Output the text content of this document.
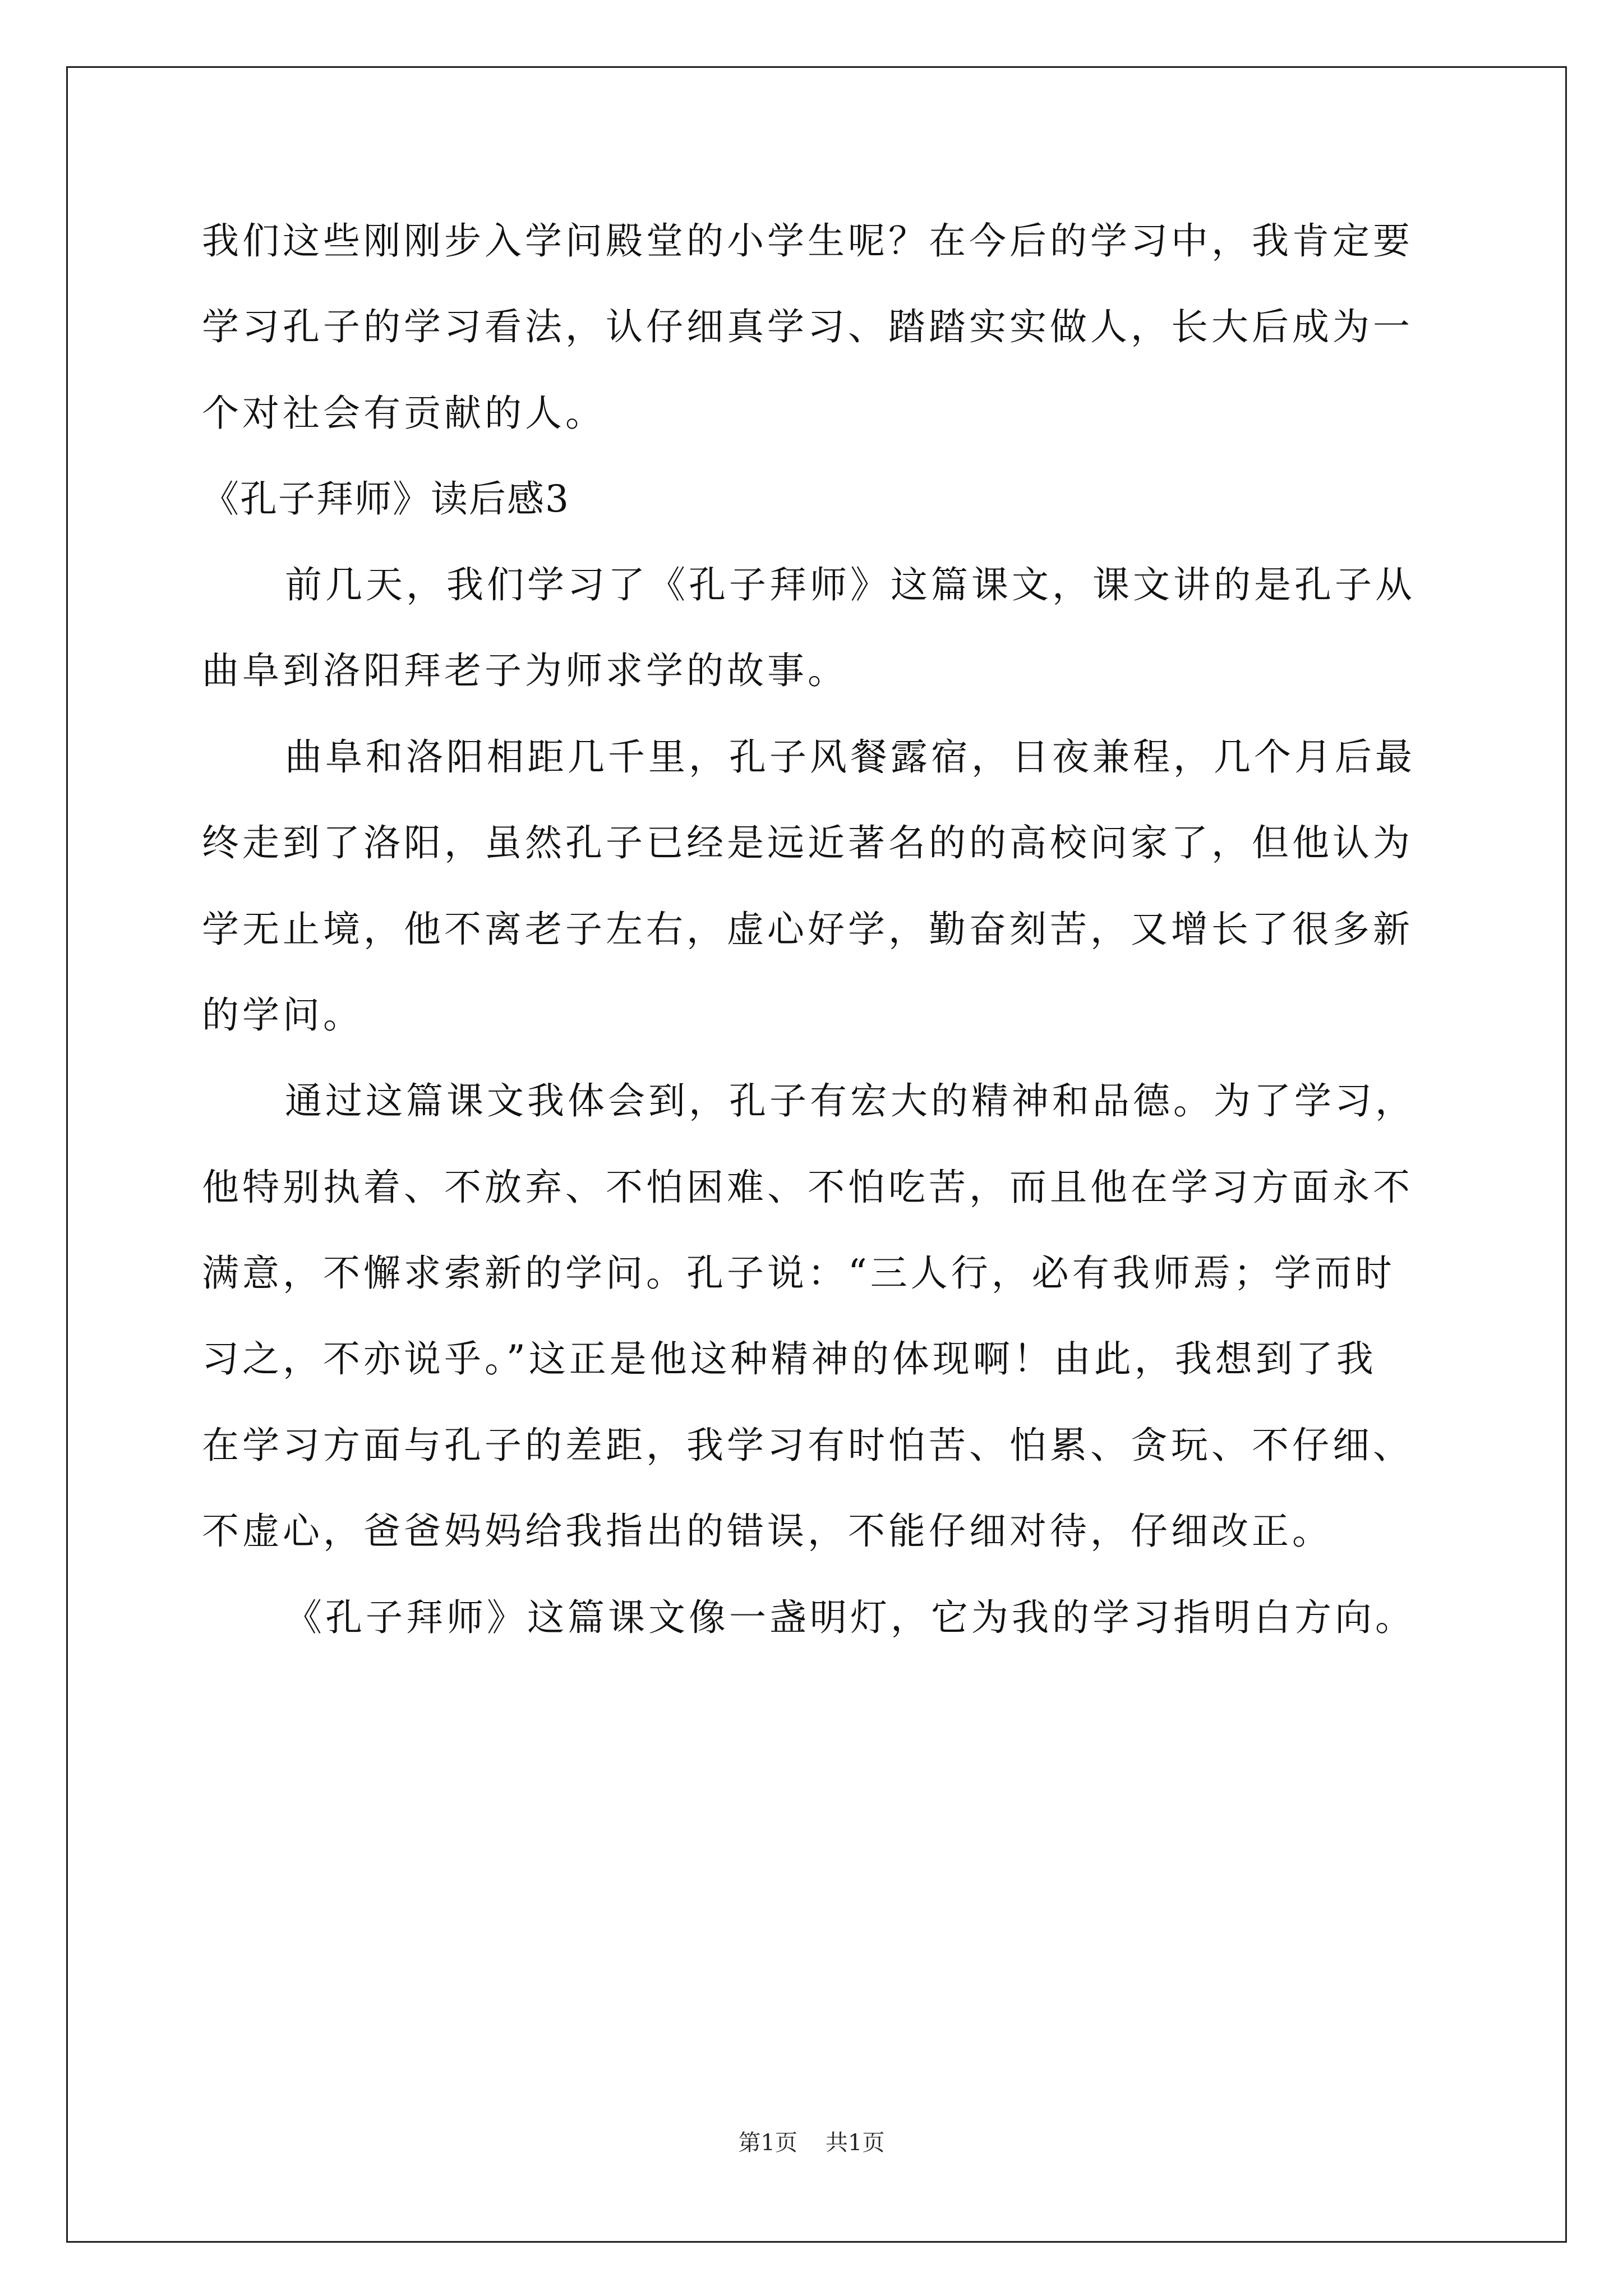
我们这些刚刚步入学问殿堂的小学生呢？在今后的学习中，我肯定要
学习孔子的学习看法，认仔细真学习、踏踏实实做人，长大后成为一
个对社会有贡献的人。
《孔子拜师》读后感3
前几天，我们学习了《孔子拜师》这篇课文，课文讲的是孔子从
曲阜到洛阳拜老子为师求学的故事。
曲阜和洛阳相距几千里，孔子风餐露宿，日夜兼程，几个月后最
终走到了洛阳，虽然孔子已经是远近著名的的高校问家了，但他认为
学无止境，他不离老子左右，虚心好学，勤奋刻苦，又增长了很多新
的学问。
通过这篇课文我体会到，孔子有宏大的精神和品德。为了学习，
他特别执着、不放弃、不怕困难、不怕吃苦，而且他在学习方面永不
满意，不懈求索新的学问。孔子说：“三人行，必有我师焉；学而时
习之，不亦说乎。”这正是他这种精神的体现啊！由此，我想到了我
在学习方面与孔子的差距，我学习有时怕苦、怕累、贪玩、不仔细、
不虚心，爸爸妈妈给我指出的错误，不能仔细对待，仔细改正。
《孔子拜师》这篇课文像一盏明灯，它为我的学习指明白方向。
第1页 共1页
